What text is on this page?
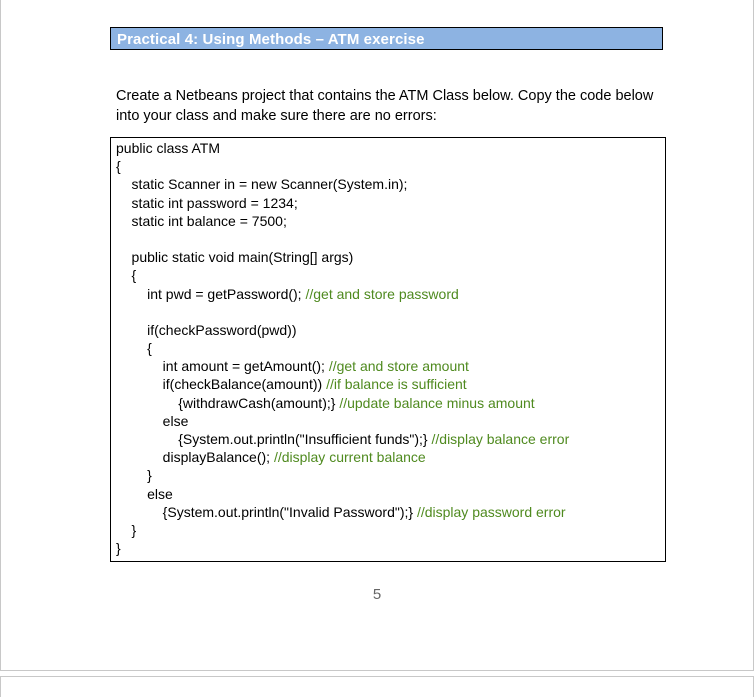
Practical 4: Using Methods – ATM exercise
Create a Netbeans project that contains the ATM Class below. Copy the code below into your class and make sure there are no errors:
public class ATM
{
static Scanner in = new Scanner(System.in);
static int password = 1234;
static int balance = 7500;
public static void main(String[] args)
{
int pwd = getPassword(); //get and store password
if(checkPassword(pwd))
{
int amount = getAmount(); //get and store amount
if(checkBalance(amount)) //if balance is sufficient
{withdrawCash(amount);} //update balance minus amount
else
{System.out.println("Insufficient funds");} //display balance error
displayBalance(); //display current balance
}
else
{System.out.println("Invalid Password");} //display password error
}
}
5
